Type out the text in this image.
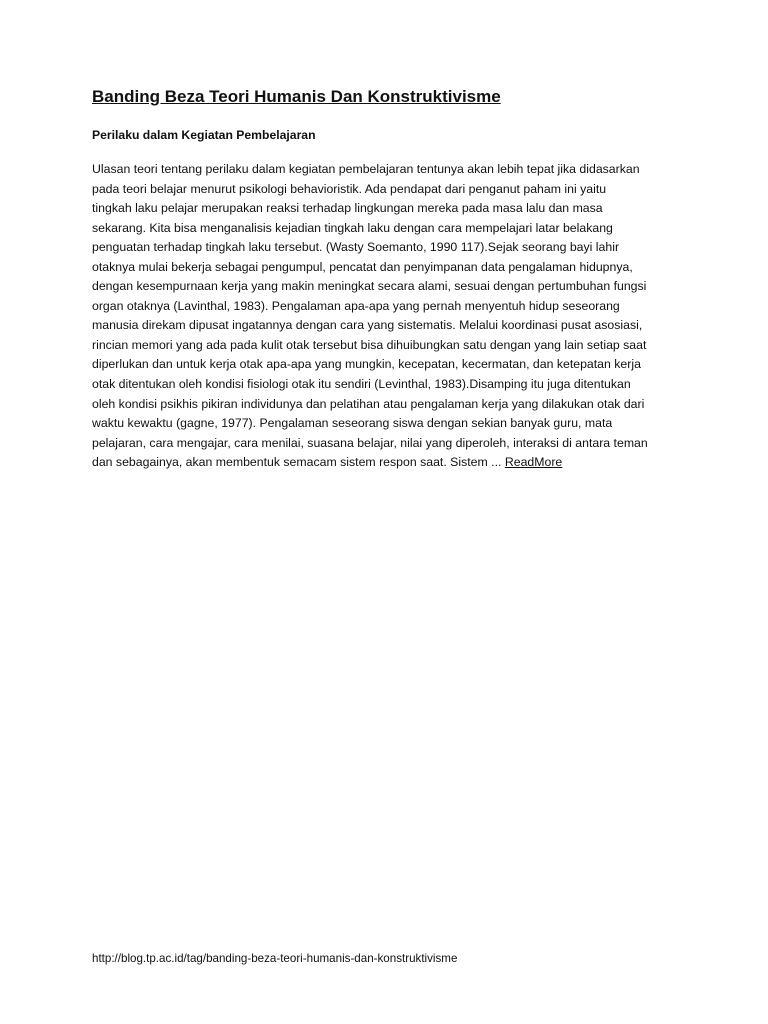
Banding Beza Teori Humanis Dan Konstruktivisme
Perilaku dalam Kegiatan Pembelajaran

Ulasan teori tentang perilaku dalam kegiatan pembelajaran tentunya akan lebih tepat jika didasarkan
pada teori belajar menurut psikologi behavioristik. Ada pendapat dari penganut paham ini yaitu
tingkah laku pelajar merupakan reaksi terhadap lingkungan mereka pada masa lalu dan masa
sekarang. Kita bisa menganalisis kejadian tingkah laku dengan cara mempelajari latar belakang
penguatan terhadap tingkah laku tersebut. (Wasty Soemanto, 1990 117).Sejak seorang bayi lahir
otaknya mulai bekerja sebagai pengumpul, pencatat dan penyimpanan data pengalaman hidupnya,
dengan kesempurnaan kerja yang makin meningkat secara alami, sesuai dengan pertumbuhan fungsi
organ otaknya (Lavinthal, 1983). Pengalaman apa-apa yang pernah menyentuh hidup seseorang
manusia direkam dipusat ingatannya dengan cara yang sistematis. Melalui koordinasi pusat asosiasi,
rincian memori yang ada pada kulit otak tersebut bisa dihuibungkan satu dengan yang lain setiap saat
diperlukan dan untuk kerja otak apa-apa yang mungkin, kecepatan, kecermatan, dan ketepatan kerja
otak ditentukan oleh kondisi fisiologi otak itu sendiri (Levinthal, 1983).Disamping itu juga ditentukan
oleh kondisi psikhis pikiran individunya dan pelatihan atau pengalaman kerja yang dilakukan otak dari
waktu kewaktu (gagne, 1977). Pengalaman seseorang siswa dengan sekian banyak guru, mata
pelajaran, cara mengajar, cara menilai, suasana belajar, nilai yang diperoleh, interaksi di antara teman
dan sebagainya, akan membentuk semacam sistem respon saat. Sistem ... ReadMore

http://blog.tp.ac.id/tag/banding-beza-teori-humanis-dan-konstruktivisme
